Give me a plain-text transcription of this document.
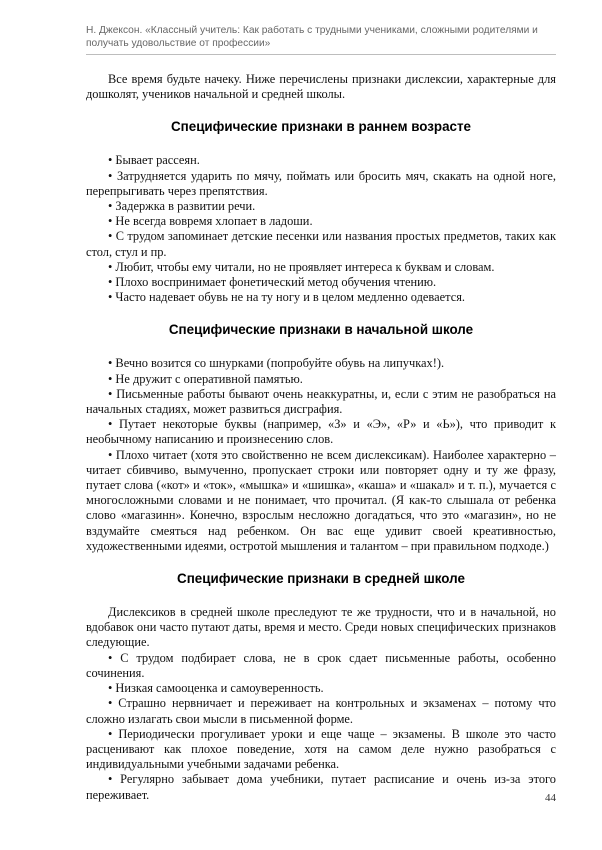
Н. Джексон. «Классный учитель: Как работать с трудными учениками, сложными родителями и получать удовольствие от профессии»

Все время будьте начеку. Ниже перечислены признаки дислексии, характерные для дошколят, учеников начальной и средней школы.

Специфические признаки в раннем возрасте

• Бывает рассеян.

• Затрудняется ударить по мячу, поймать или бросить мяч, скакать на одной ноге, перепрыгивать через препятствия.

• Задержка в развитии речи.

• Не всегда вовремя хлопает в ладоши.

• С трудом запоминает детские песенки или названия простых предметов, таких как стол, стул и пр.

• Любит, чтобы ему читали, но не проявляет интереса к буквам и словам.

• Плохо воспринимает фонетический метод обучения чтению.

• Часто надевает обувь не на ту ногу и в целом медленно одевается.

Специфические признаки в начальной школе

• Вечно возится со шнурками (попробуйте обувь на липучках!).

• Не дружит с оперативной памятью.

• Письменные работы бывают очень неаккуратны, и, если с этим не разобраться на начальных стадиях, может развиться дисграфия.

• Путает некоторые буквы (например, «З» и «Э», «Р» и «Ь»), что приводит к необычному написанию и произнесению слов.

• Плохо читает (хотя это свойственно не всем дислексикам). Наиболее характерно – читает сбивчиво, вымученно, пропускает строки или повторяет одну и ту же фразу, путает слова («кот» и «ток», «мышка» и «шишка», «каша» и «шакал» и т. п.), мучается с многосложными словами и не понимает, что прочитал. (Я как-то слышала от ребенка слово «магазинн». Конечно, взрослым несложно догадаться, что это «магазин», но не вздумайте смеяться над ребенком. Он вас еще удивит своей креативностью, художественными идеями, остротой мышления и талантом – при правильном подходе.)

Специфические признаки в средней школе

Дислексиков в средней школе преследуют те же трудности, что и в начальной, но вдобавок они часто путают даты, время и место. Среди новых специфических признаков следующие.

• С трудом подбирает слова, не в срок сдает письменные работы, особенно сочинения.

• Низкая самооценка и самоуверенность.

• Страшно нервничает и переживает на контрольных и экзаменах – потому что сложно излагать свои мысли в письменной форме.

• Периодически прогуливает уроки и еще чаще – экзамены. В школе это часто расценивают как плохое поведение, хотя на самом деле нужно разобраться с индивидуальными учебными задачами ребенка.

• Регулярно забывает дома учебники, путает расписание и очень из-за этого переживает.	44
